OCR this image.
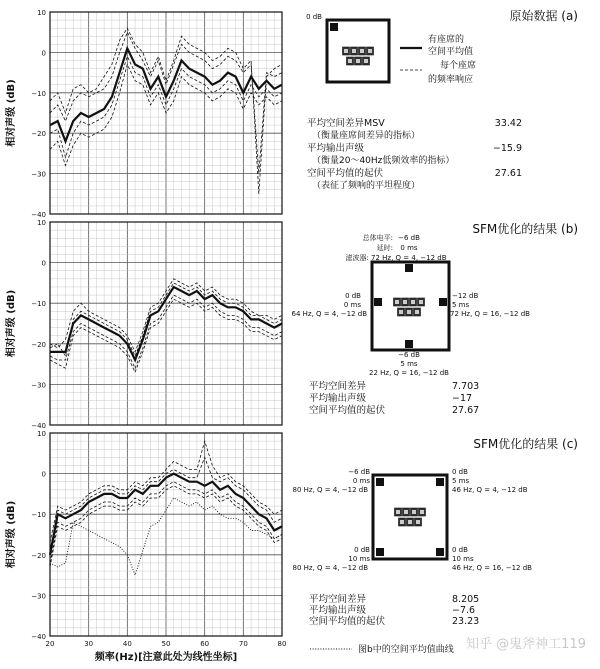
10
0
−10
−20
−30
−40
相对声级 (dB)
10
0
−10
−20
−30
−40
相对声级 (dB)
10
0
−10
−20
−30
−40
20	30	40	50	60	70	80
相对声级 (dB)
频率(Hz)[注意此处为线性坐标]
原始数据 (a)
0 dB
有座席的
空间平均值
每个座席
的频率响应
平均空间差异MSV	33.42
（衡量座席间差异的指标）
平均输出声级	−15.9
（衡量20～40Hz低频效率的指标）
空间平均值的起伏	27.61
（表征了频响的平坦程度）
SFM优化的结果 (b)
总体电平: −6 dB
延时: 0 ms
滤波器: 72 Hz, Q = 4, −12 dB
0 dB
0 ms
64 Hz, Q = 4, −12 dB
−12 dB
5 ms
72 Hz, Q = 16, −12 dB
−6 dB
5 ms
22 Hz, Q = 16, −12 dB
平均空间差异	7.703
平均输出声级	−17
空间平均值的起伏	27.67
SFM优化的结果 (c)
−6 dB
0 ms
80 Hz, Q = 4, −12 dB
0 dB
5 ms
46 Hz, Q = 4, −12 dB
0 dB
10 ms
80 Hz, Q = 4, −12 dB
0 dB
10 ms
46 Hz, Q = 16, −12 dB
平均空间差异	8.205
平均输出声级	−7.6
空间平均值的起伏	23.23
图b中的空间平均值曲线 知乎 @鬼斧神工119
